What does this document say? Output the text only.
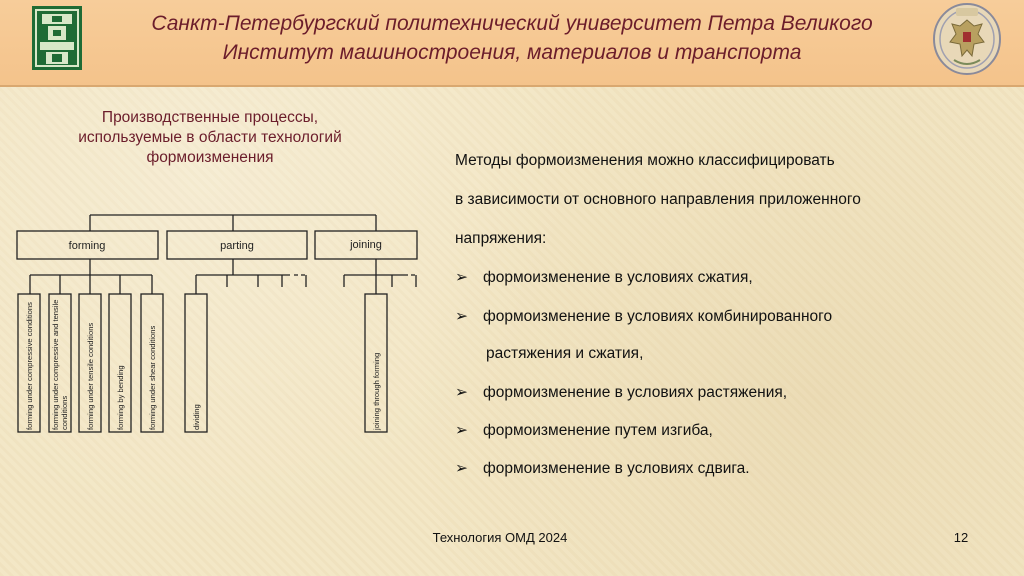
Санкт-Петербургский политехнический университет Петра Великого
Институт машиностроения, материалов и транспорта
Производственные процессы,
используемые в области технологий
формоизменения
forming	parting	joining
forming under compressive conditions	forming under compressive and tensile conditions	forming under tensile conditions	forming by bending	forming under shear conditions	dividing	joining through forming
Методы формоизменения можно классифицировать
в зависимости от основного направления приложенного
напряжения:
➢ формоизменение в условиях сжатия,
➢ формоизменение в условиях комбинированного
растяжения и сжатия,
➢ формоизменение в условиях растяжения,
➢ формоизменение путем изгиба,
➢ формоизменение в условиях сдвига.
Технология ОМД 2024	12
